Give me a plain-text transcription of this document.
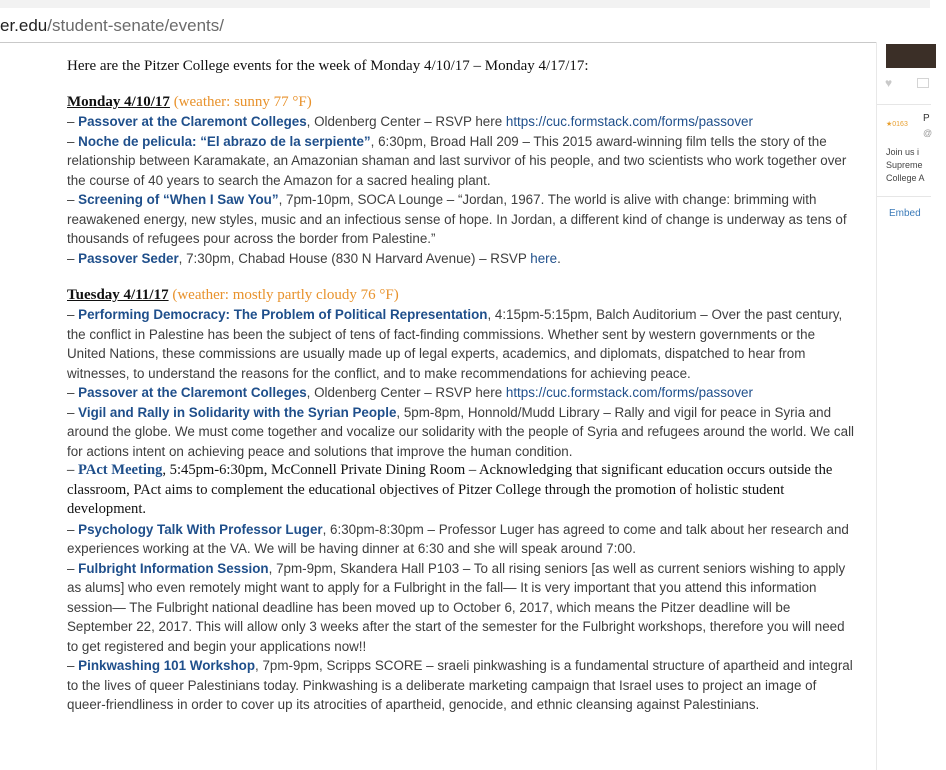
er.edu/student-senate/events/
Here are the Pitzer College events for the week of Monday 4/10/17 – Monday 4/17/17:
Monday 4/10/17 (weather: sunny 77 °F)
– Passover at the Claremont Colleges, Oldenberg Center – RSVP here https://cuc.formstack.com/forms/passover
– Noche de pelicula: “El abrazo de la serpiente”, 6:30pm, Broad Hall 209 – This 2015 award-winning film tells the story of the relationship between Karamakate, an Amazonian shaman and last survivor of his people, and two scientists who work together over the course of 40 years to search the Amazon for a sacred healing plant.
– Screening of “When I Saw You”, 7pm-10pm, SOCA Lounge – “Jordan, 1967. The world is alive with change: brimming with reawakened energy, new styles, music and an infectious sense of hope. In Jordan, a different kind of change is underway as tens of thousands of refugees pour across the border from Palestine.”
– Passover Seder, 7:30pm, Chabad House (830 N Harvard Avenue) – RSVP here.
Tuesday 4/11/17 (weather: mostly partly cloudy 76 °F)
– Performing Democracy: The Problem of Political Representation, 4:15pm-5:15pm, Balch Auditorium – Over the past century, the conflict in Palestine has been the subject of tens of fact-finding commissions. Whether sent by western governments or the United Nations, these commissions are usually made up of legal experts, academics, and diplomats, dispatched to hear from witnesses, to understand the reasons for the conflict, and to make recommendations for achieving peace.
– Passover at the Claremont Colleges, Oldenberg Center – RSVP here https://cuc.formstack.com/forms/passover
– Vigil and Rally in Solidarity with the Syrian People, 5pm-8pm, Honnold/Mudd Library – Rally and vigil for peace in Syria and around the globe. We must come together and vocalize our solidarity with the people of Syria and refugees around the world. We call for actions intent on achieving peace and solutions that improve the human condition.
– PAct Meeting, 5:45pm-6:30pm, McConnell Private Dining Room – Acknowledging that significant education occurs outside the classroom, PAct aims to complement the educational objectives of Pitzer College through the promotion of holistic student development.
– Psychology Talk With Professor Luger, 6:30pm-8:30pm – Professor Luger has agreed to come and talk about her research and experiences working at the VA. We will be having dinner at 6:30 and she will speak around 7:00.
– Fulbright Information Session, 7pm-9pm, Skandera Hall P103 – To all rising seniors [as well as current seniors wishing to apply as alums] who even remotely might want to apply for a Fulbright in the fall— It is very important that you attend this information session— The Fulbright national deadline has been moved up to October 6, 2017, which means the Pitzer deadline will be September 22, 2017. This will allow only 3 weeks after the start of the semester for the Fulbright workshops, therefore you will need to get registered and begin your applications now!!
– Pinkwashing 101 Workshop, 7pm-9pm, Scripps SCORE – sraeli pinkwashing is a fundamental structure of apartheid and integral to the lives of queer Palestinians today. Pinkwashing is a deliberate marketing campaign that Israel uses to project an image of queer-friendliness in order to cover up its atrocities of apartheid, genocide, and ethnic cleansing against Palestinians.
♥
★0163
P
@
Join us i
Supreme
College A
Embed
